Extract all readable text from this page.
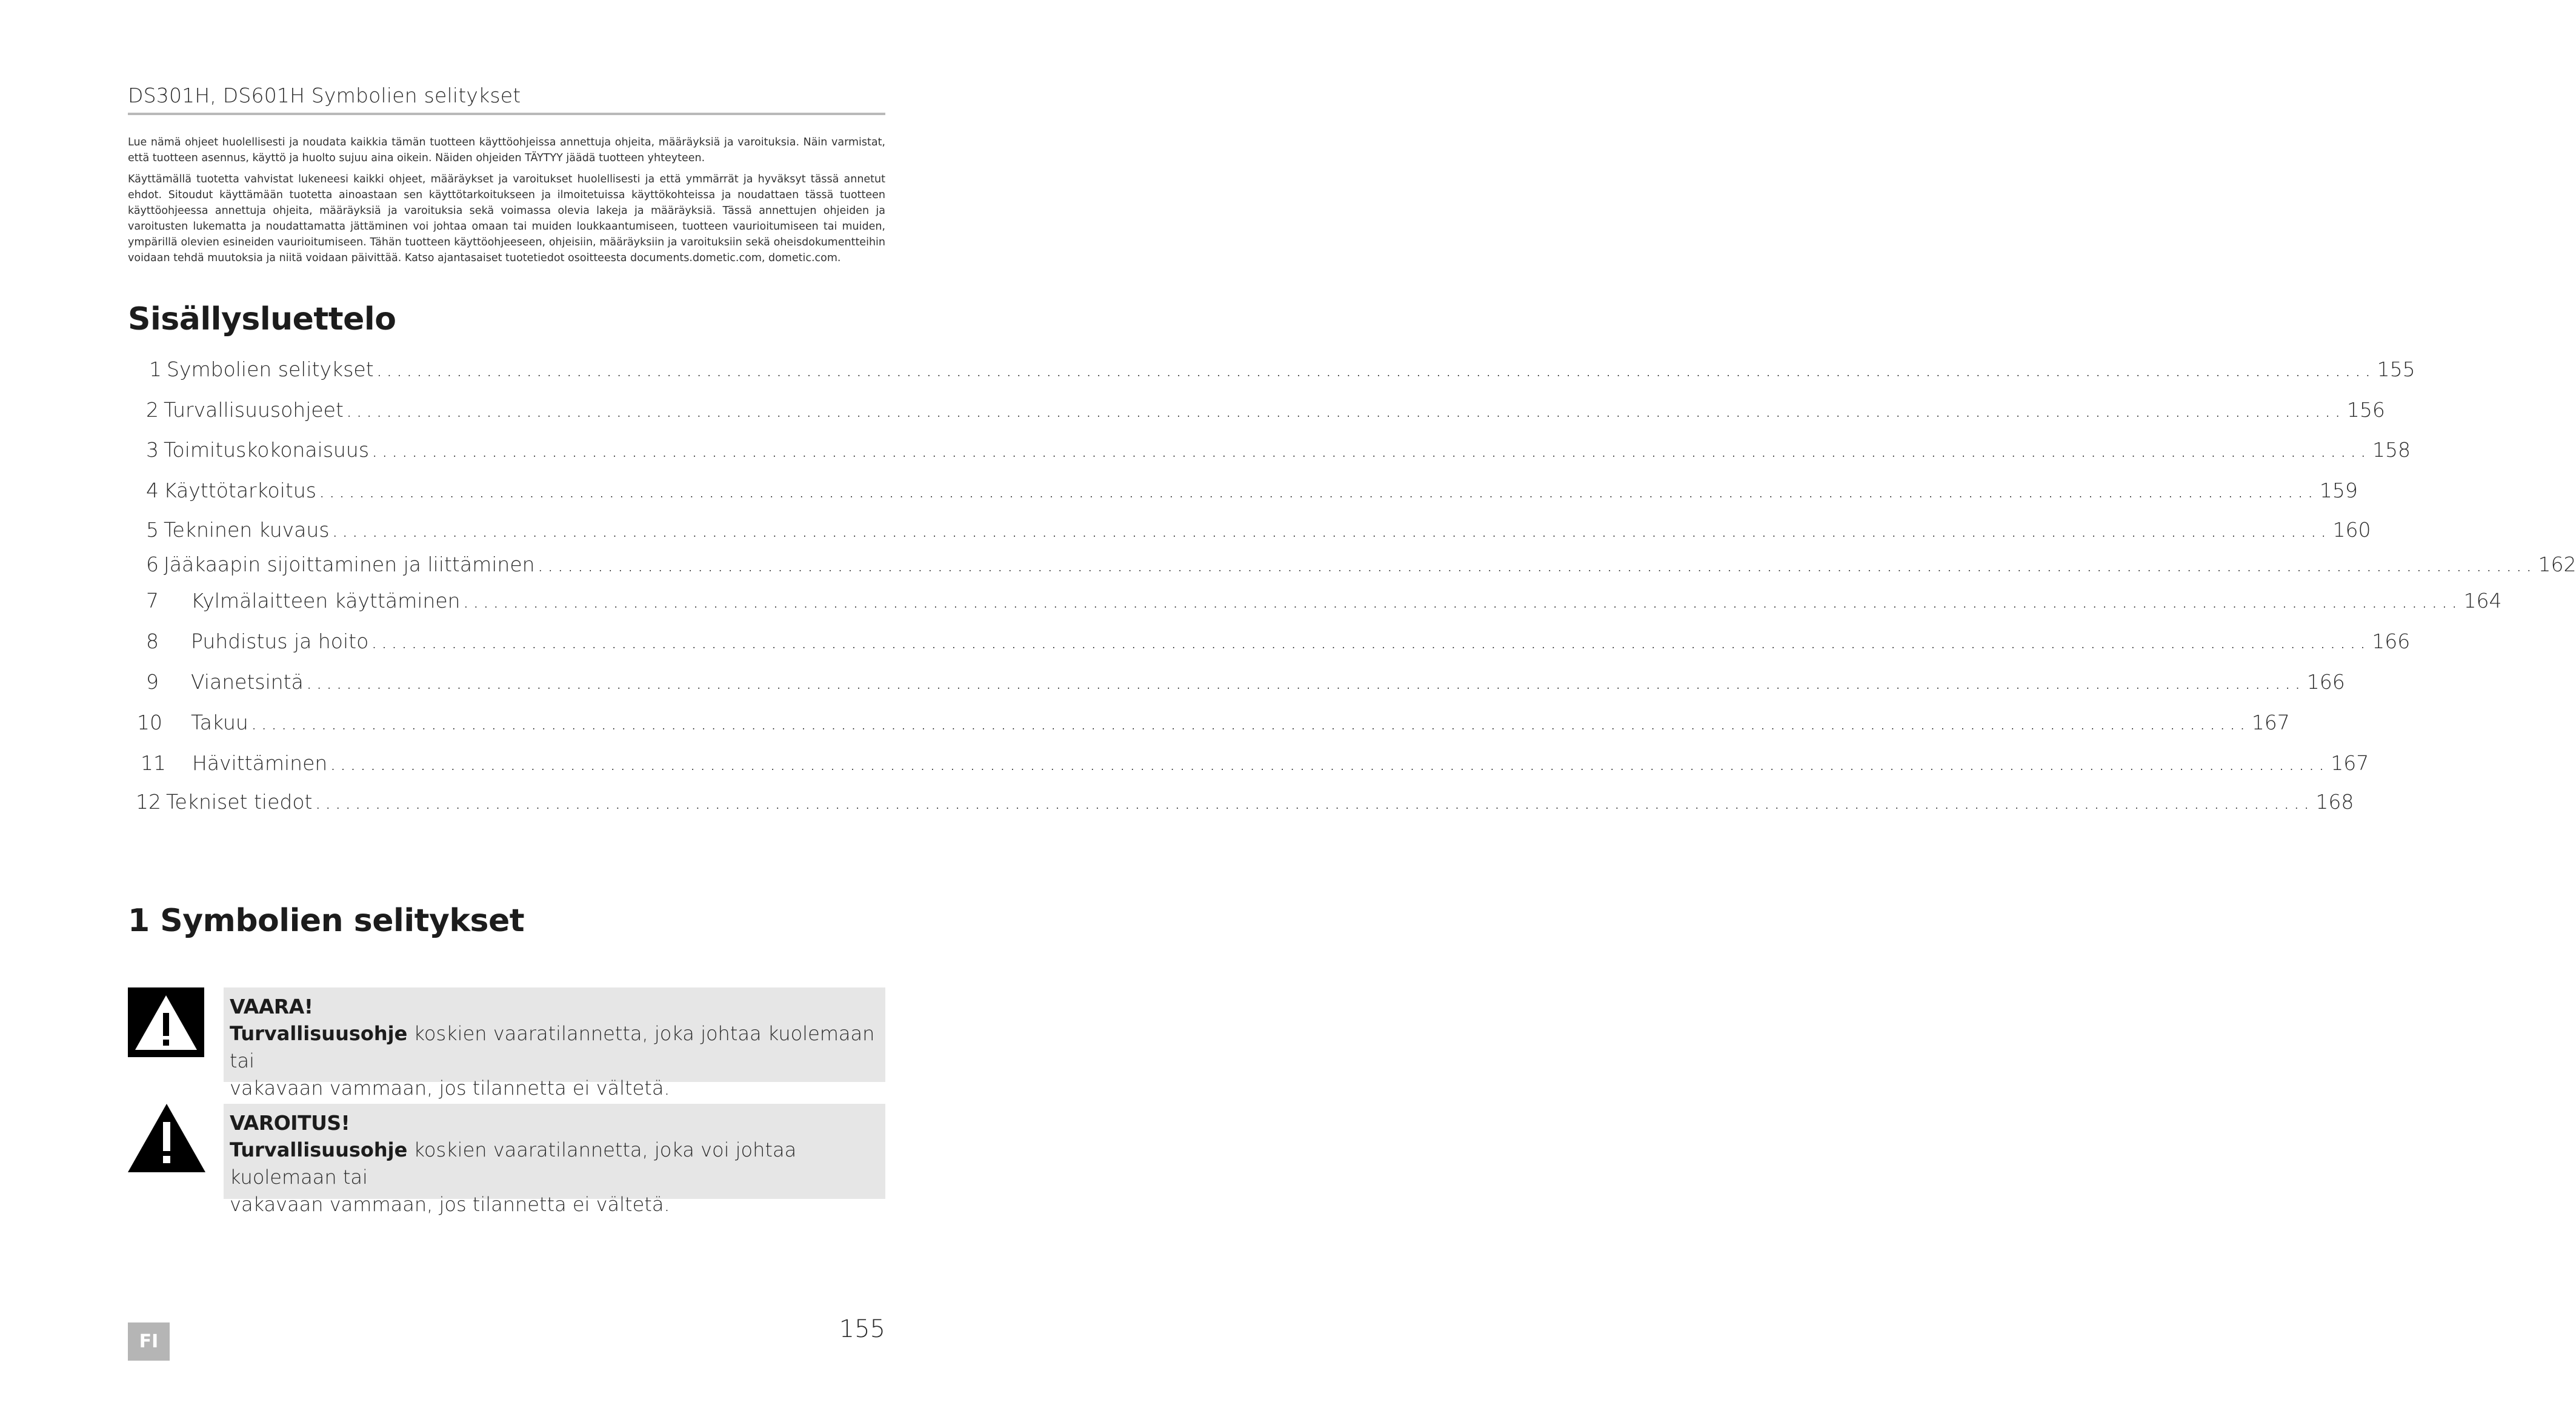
DS301H, DS601H Symbolien selitykset

Lue nämä ohjeet huolellisesti ja noudata kaikkia tämän tuotteen käyttöohjeissa annettuja ohjeita, määräyksiä ja varoituksia. Näin varmistat, että tuotteen asennus, käyttö ja huolto sujuu aina oikein. Näiden ohjeiden TÄYTYY jäädä tuotteen yhteyteen.

Käyttämällä tuotetta vahvistat lukeneesi kaikki ohjeet, määräykset ja varoitukset huolellisesti ja että ymmärrät ja hyväksyt tässä annetut ehdot. Sitoudut käyttämään tuotetta ainoastaan sen käyttötarkoitukseen ja ilmoitetuissa käyttökohteissa ja noudattaen tässä tuotteen käyttöohjeessa annettuja ohjeita, määräyksiä ja varoituksia sekä voimassa olevia lakeja ja määräyksiä. Tässä annettujen ohjeiden ja varoitusten lukematta ja noudattamatta jättäminen voi johtaa omaan tai muiden loukkaantumiseen, tuotteen vaurioitumiseen tai muiden, ympärillä olevien esineiden vaurioitumiseen. Tähän tuotteen käyttöohjeeseen, ohjeisiin, määräyksiin ja varoituksiin sekä oheisdokumentteihin voidaan tehdä muutoksia ja niitä voidaan päivittää. Katso ajantasaiset tuotetiedot osoitteesta documents.dometic.com, dometic.com.

Sisällysluettelo
1 Symbolien selitykset ........................................................................................................................................................................................................ 155
2 Turvallisuusohjeet ........................................................................................................................................................................................................ 156
3 Toimituskokonaisuus ........................................................................................................................................................................................................ 158
4 Käyttötarkoitus ........................................................................................................................................................................................................ 159
5 Tekninen kuvaus ........................................................................................................................................................................................................ 160
6 Jääkaapin sijoittaminen ja liittäminen ........................................................................................................................................................................................................ 162
7	Kylmälaitteen käyttäminen ........................................................................................................................................................................................................ 164
8	Puhdistus ja hoito ........................................................................................................................................................................................................ 166
9	Vianetsintä ........................................................................................................................................................................................................ 166
10	Takuu ........................................................................................................................................................................................................ 167
11	Hävittäminen ........................................................................................................................................................................................................ 167
12 Tekniset tiedot ........................................................................................................................................................................................................ 168
1 Symbolien selitykset
VAARA!
Turvallisuusohje koskien vaaratilannetta, joka johtaa kuolemaan tai
vakavaan vammaan, jos tilannetta ei vältetä.
VAROITUS!
Turvallisuusohje koskien vaaratilannetta, joka voi johtaa kuolemaan tai
vakavaan vammaan, jos tilannetta ei vältetä.
FI	155
